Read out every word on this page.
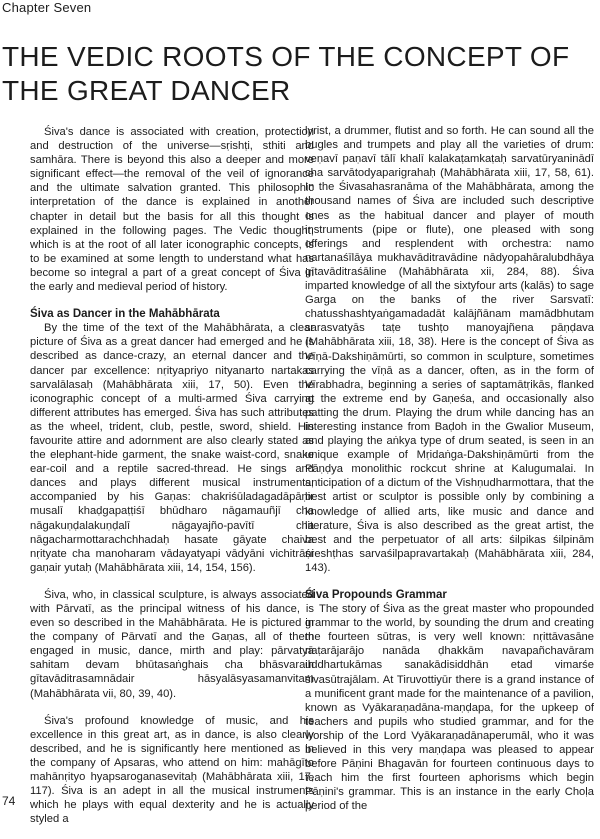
Chapter Seven
THE VEDIC ROOTS OF THE CONCEPT OF THE GREAT DANCER

Śiva's dance is associated with creation, protection and destruction of the universe—sṛishṭi, sthiti and samhāra. There is beyond this also a deeper and more significant effect—the removal of the veil of ignorance and the ultimate salvation granted. This philosophic interpretation of the dance is explained in another chapter in detail but the basis for all this thought is explained in the following pages. The Vedic thought, which is at the root of all later iconographic concepts, is to be examined at some length to understand what has become so integral a part of a great concept of Śiva in the early and medieval period of history.

Śiva as Dancer in the Mahābhārata

By the time of the text of the Mahābhārata, a clear picture of Śiva as a great dancer had emerged and he is described as dance-crazy, an eternal dancer and the dancer par excellence: nṛityapriyo nityanarto nartakas sarvalālasaḥ (Mahābhārata xiii, 17, 50). Even the iconographic concept of a multi-armed Śiva carrying different attributes has emerged. Śiva has such attributes as the wheel, trident, club, pestle, sword, shield. His favourite attire and adornment are also clearly stated as the elephant-hide garment, the snake waist-cord, snake ear-coil and a reptile sacred-thread. He sings and dances and plays different musical instruments, accompanied by his Gaṇas: chakriśūladagadāpāṇir musalī khaḍgapaṭṭiśī bhūdharo nāgamauñjī cha nāgakuṇḍalakuṇḍalī nāgayajño-pavītī cha nāgacharmottarachchhadaḥ hasate gāyate chaiva nṛityate cha manoharam vādayatyapi vādyāni vichitrāṇi gaṇair yutaḥ (Mahābhārata xiii, 14, 154, 156).

Śiva, who, in classical sculpture, is always associated with Pārvatī, as the principal witness of his dance, is even so described in the Mahābhārata. He is pictured in the company of Pārvatī and the Gaṇas, all of them engaged in music, dance, mirth and play: pārvatyā sahitam devam bhūtasaṅghais cha bhāsvaraih gītavāditrasamnādair hāsyalāsyasamanvitam (Mahābhārata vii, 80, 39, 40).

Śiva's profound knowledge of music, and his excellence in this great art, as in dance, is also clearly described, and he is significantly here mentioned as in the company of Apsaras, who attend on him: mahāgīto mahānṛityo hyapsaroganasevitaḥ (Mahābhārata xiii, 17, 117). Śiva is an adept in all the musical instruments which he plays with equal dexterity and he is actually styled a

lyrist, a drummer, flutist and so forth. He can sound all the bugles and trumpets and play all the varieties of drum: veṇavī paṇavī tālī khalī kalakaṭamkaṭaḥ sarvatūryaninādī cha sarvātodyaparigrahaḥ (Mahābhārata xiii, 17, 58, 61). In the Śivasahasranāma of the Mahābhārata, among the thousand names of Śiva are included such descriptive ones as the habitual dancer and player of mouth instruments (pipe or flute), one pleased with song offerings and resplendent with orchestra: namo nartanaśīlāya mukhavāditravādine nādyopahāralubdhāya gītavāditraśāline (Mahābhārata xii, 284, 88). Śiva imparted knowledge of all the sixtyfour arts (kalās) to sage Garga on the banks of the river Sarsvatī: chatusshashtyaṅgamadadāt kalājñānam mamādbhutam sarasvatyās taṭe tushṭo manoyajñena pāṇḍava (Mahābhārata xiii, 18, 38). Here is the concept of Śiva as Vīṇā-Dakshiṇāmūrti, so common in sculpture, sometimes carrying the vīṇā as a dancer, often, as in the form of Vīrabhadra, beginning a series of saptamātṛikās, flanked at the extreme end by Gaṇeśa, and occasionally also patting the drum. Playing the drum while dancing has an interesting instance from Baḍoh in the Gwalior Museum, and playing the aṅkya type of drum seated, is seen in an unique example of Mṛidaṅga-Dakshiṇāmūrti from the Pāṇḍya monolithic rockcut shrine at Kalugumalai. In anticipation of a dictum of the Vishṇudharmottara, that the best artist or sculptor is possible only by combining a knowledge of allied arts, like music and dance and literature, Śiva is also described as the great artist, the best and the perpetuator of all arts: śilpikas śilpinām śreshṭhas sarvaśilpapravartakaḥ (Mahābhārata xiii, 284, 143).

Śiva Propounds Grammar

The story of Śiva as the great master who propounded grammar to the world, by sounding the drum and creating the fourteen sūtras, is very well known: nṛittāvasāne naṭarājarājo nanāda ḍhakkām navapañchavāram uddhartukāmas sanakādisiddhān etad vimarśe śivasūtrajālam. At Tiruvottiyūr there is a grand instance of a munificent grant made for the maintenance of a pavilion, known as Vyākaraṇadāna-maṇḍapa, for the upkeep of teachers and pupils who studied grammar, and for the worship of the Lord Vyākaraṇadānaperumāl, who it was believed in this very maṇḍapa was pleased to appear before Pāṇini Bhagavān for fourteen continuous days to teach him the first fourteen aphorisms which begin Pāṇini's grammar. This is an instance in the early Choḷa period of the

74
